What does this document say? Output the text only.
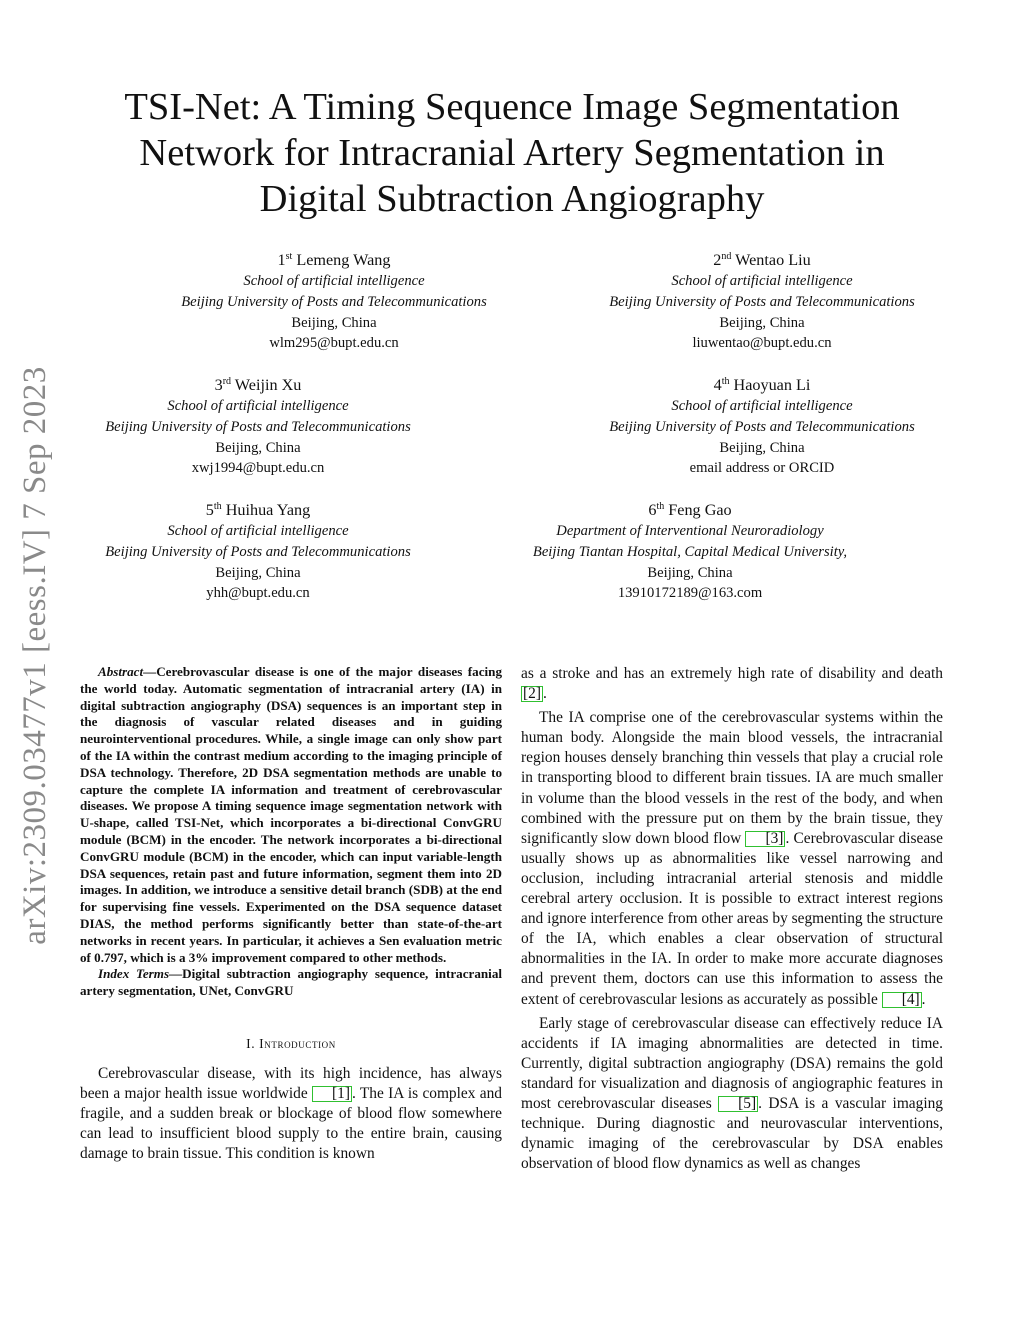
arXiv:2309.03477v1 [eess.IV] 7 Sep 2023
TSI-Net: A Timing Sequence Image Segmentation
Network for Intracranial Artery Segmentation in
Digital Subtraction Angiography
1st Lemeng Wang
School of artificial intelligence
Beijing University of Posts and Telecommunications
Beijing, China
wlm295@bupt.edu.cn
2nd Wentao Liu
School of artificial intelligence
Beijing University of Posts and Telecommunications
Beijing, China
liuwentao@bupt.edu.cn
3rd Weijin Xu
School of artificial intelligence
Beijing University of Posts and Telecommunications
Beijing, China
xwj1994@bupt.edu.cn
4th Haoyuan Li
School of artificial intelligence
Beijing University of Posts and Telecommunications
Beijing, China
email address or ORCID
5th Huihua Yang
School of artificial intelligence
Beijing University of Posts and Telecommunications
Beijing, China
yhh@bupt.edu.cn
6th Feng Gao
Department of Interventional Neuroradiology
Beijing Tiantan Hospital, Capital Medical University,
Beijing, China
13910172189@163.com

Abstract—Cerebrovascular disease is one of the major diseases facing the world today. Automatic segmentation of intracranial artery (IA) in digital subtraction angiography (DSA) sequences is an important step in the diagnosis of vascular related diseases and in guiding neurointerventional procedures. While, a single image can only show part of the IA within the contrast medium according to the imaging principle of DSA technology. Therefore, 2D DSA segmentation methods are unable to capture the complete IA information and treatment of cerebrovascular diseases. We propose A timing sequence image segmentation network with U-shape, called TSI-Net, which incorporates a bi-directional ConvGRU module (BCM) in the encoder. The network incorporates a bi-directional ConvGRU module (BCM) in the encoder, which can input variable-length DSA sequences, retain past and future information, segment them into 2D images. In addition, we introduce a sensitive detail branch (SDB) at the end for supervising fine vessels. Experimented on the DSA sequence dataset DIAS, the method performs significantly better than state-of-the-art networks in recent years. In particular, it achieves a Sen evaluation metric of 0.797, which is a 3% improvement compared to other methods.

Index Terms—Digital subtraction angiography sequence, intracranial artery segmentation, UNet, ConvGRU

I. Introduction

Cerebrovascular disease, with its high incidence, has always been a major health issue worldwide [1] . The IA is complex and fragile, and a sudden break or blockage of blood flow somewhere can lead to insufficient blood supply to the entire brain, causing damage to brain tissue. This condition is known

as a stroke and has an extremely high rate of disability and death [2] .

The IA comprise one of the cerebrovascular systems within the human body. Alongside the main blood vessels, the intracranial region houses densely branching thin vessels that play a crucial role in transporting blood to different brain tissues. IA are much smaller in volume than the blood vessels in the rest of the body, and when combined with the pressure put on them by the brain tissue, they significantly slow down blood flow [3] . Cerebrovascular disease usually shows up as abnormalities like vessel narrowing and occlusion, including intracranial arterial stenosis and middle cerebral artery occlusion. It is possible to extract interest regions and ignore interference from other areas by segmenting the structure of the IA, which enables a clear observation of structural abnormalities in the IA. In order to make more accurate diagnoses and prevent them, doctors can use this information to assess the extent of cerebrovascular lesions as accurately as possible [4] .

Early stage of cerebrovascular disease can effectively reduce IA accidents if IA imaging abnormalities are detected in time. Currently, digital subtraction angiography (DSA) remains the gold standard for visualization and diagnosis of angiographic features in most cerebrovascular diseases [5] . DSA is a vascular imaging technique. During diagnostic and neurovascular interventions, dynamic imaging of the cerebrovascular by DSA enables observation of blood flow dynamics as well as changes
